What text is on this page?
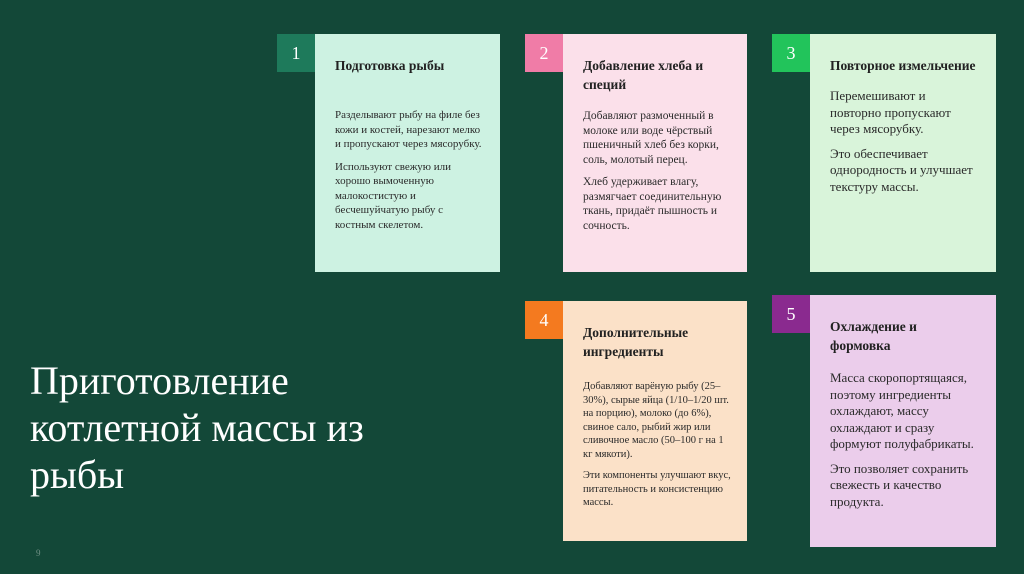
Приготовление котлетной массы из рыбы
9
Подготовка рыбы

Разделывают рыбу на филе без кожи и костей, нарезают мелко и пропускают через мясорубку.

Используют свежую или хорошо вымоченную малокостистую и бесчешуйчатую рыбу с костным скелетом.

1
Добавление хлеба и специй

Добавляют размоченный в молоке или воде чёрствый пшеничный хлеб без корки, соль, молотый перец.

Хлеб удерживает влагу, размягчает соединительную ткань, придаёт пышность и сочность.

2
Повторное измельчение

Перемешивают и повторно пропускают через мясорубку.

Это обеспечивает однородность и улучшает текстуру массы.

3
Дополнительные ингредиенты

Добавляют варёную рыбу (25–30%), сырые яйца (1/10–1/20 шт. на порцию), молоко (до 6%), свиное сало, рыбий жир или сливочное масло (50–100 г на 1 кг мякоти).

Эти компоненты улучшают вкус, питательность и консистенцию массы.

4	Охлаждение и формовка

Масса скоропортящаяся, поэтому ингредиенты охлаждают, массу охлаждают и сразу формуют полуфабрикаты.

Это позволяет сохранить свежесть и качество продукта.

5
